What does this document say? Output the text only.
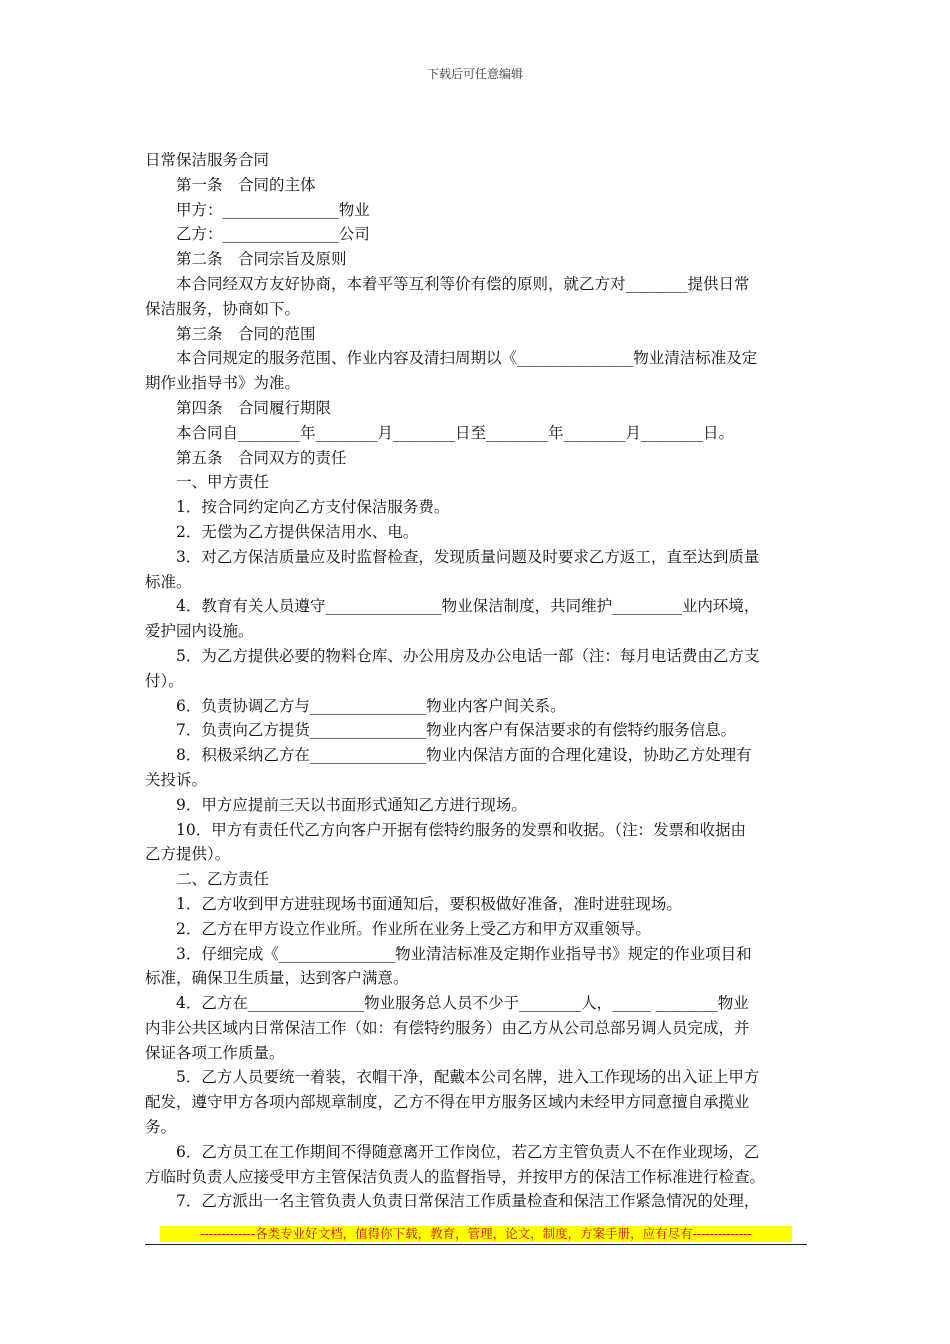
下载后可任意编辑
日常保洁服务合同
　　第一条　合同的主体
　　甲方：_______________物业
　　乙方：_______________公司
　　第二条　合同宗旨及原则
　　本合同经双方友好协商，本着平等互利等价有偿的原则，就乙方对________提供日常
保洁服务，协商如下。
　　第三条　合同的范围
　　本合同规定的服务范围、作业内容及清扫周期以《_______________物业清洁标准及定
期作业指导书》为准。
　　第四条　合同履行期限
　　本合同自________年________月________日至________年________月________日。
　　第五条　合同双方的责任
　　一、甲方责任
　　1．按合同约定向乙方支付保洁服务费。
　　2．无偿为乙方提供保洁用水、电。
　　3．对乙方保洁质量应及时监督检查，发现质量问题及时要求乙方返工，直至达到质量
标准。
　　4．教育有关人员遵守_______________物业保洁制度，共同维护_________业内环境，
爱护园内设施。
　　5．为乙方提供必要的物料仓库、办公用房及办公电话一部（注：每月电话费由乙方支
付）。
　　6．负责协调乙方与_______________物业内客户间关系。
　　7．负责向乙方提货_______________物业内客户有保洁要求的有偿特约服务信息。
　　8．积极采纳乙方在_______________物业内保洁方面的合理化建设，协助乙方处理有
关投诉。
　　9．甲方应提前三天以书面形式通知乙方进行现场。
　　10．甲方有责任代乙方向客户开据有偿特约服务的发票和收据。（注：发票和收据由
乙方提供）。
　　二、乙方责任
　　1．乙方收到甲方进驻现场书面通知后，要积极做好准备，准时进驻现场。
　　2．乙方在甲方设立作业所。作业所在业务上受乙方和甲方双重领导。
　　3．仔细完成《_______________物业清洁标准及定期作业指导书》规定的作业项目和
标准，确保卫生质量，达到客户满意。
　　4．乙方在_______________物业服务总人员不少于________人，_____ ________物业
内非公共区域内日常保洁工作（如：有偿特约服务）由乙方从公司总部另调人员完成，并
保证各项工作质量。
　　5．乙方人员要统一着装，衣帽干净，配戴本公司名牌，进入工作现场的出入证上甲方
配发，遵守甲方各项内部规章制度，乙方不得在甲方服务区域内未经甲方同意擅自承揽业
务。
　　6．乙方员工在工作期间不得随意离开工作岗位，若乙方主管负责人不在作业现场，乙
方临时负责人应接受甲方主管保洁负责人的监督指导，并按甲方的保洁工作标准进行检查。
　　7．乙方派出一名主管负责人负责日常保洁工作质量检查和保洁工作紧急情况的处理，
-------------各类专业好文档，值得你下载，教育，管理，论文，制度，方案手册，应有尽有--------------
